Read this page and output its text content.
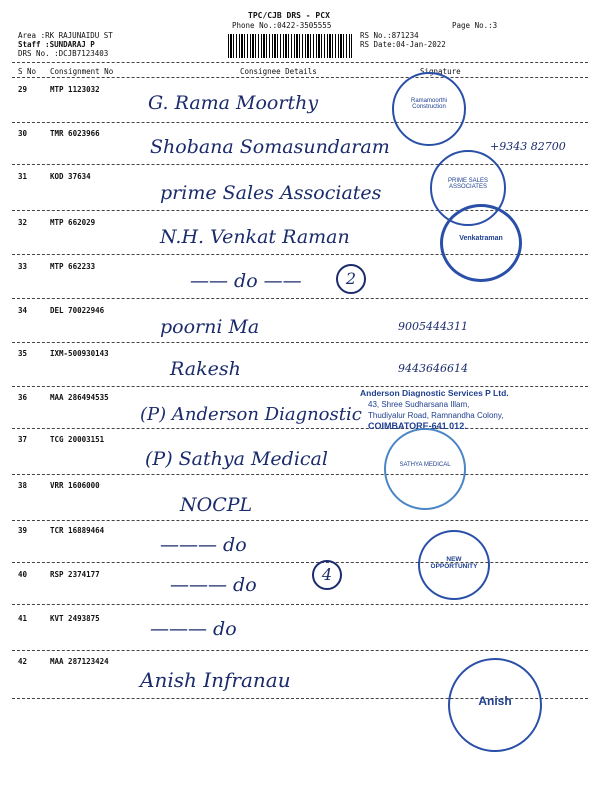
TPC/CJB DRS - PCX
Phone No.:0422-3505555
Area :RK RAJUNAIDU ST
Staff :SUNDARAJ P
DRS No. :DCJB7123403
RS No.:871234
RS Date:04-Jan-2022
Page No.:3
S No Consignment No	Consignee Details	Signature
29	MTP 1123032
G. Rama Moorthy
30	TMR 6023966
Shobana Somasundaram	+9343 82700
31	KOD 37634
prime Sales Associates
32	MTP 662029
N.H. Venkat Raman
33	MTP 662233
—— do ——	2
34	DEL 70022946
poorni Ma	9005444311
35	IXM-500930143
Rakesh	9443646614
36	MAA 286494535
(P) Anderson Diagnostic
37	TCG 20003151
(P) Sathya Medical
38	VRR 1606000
NOCPL
39	TCR 16889464
——— do
40	RSP 2374177	——— do	4
41	KVT 2493875	——— do
42	MAA 287123424
Anish Infranau
Ramamoorthi Construction
PRIME SALES ASSOCIATES
Venkatraman
Anderson Diagnostic Services P Ltd.
43, Shree Sudharsana Illam,
Thudiyalur Road, Ramnandha Colony,
COIMBATORE-641 012.
SATHYA MEDICAL
NEW OPPORTUNITY
Anish
